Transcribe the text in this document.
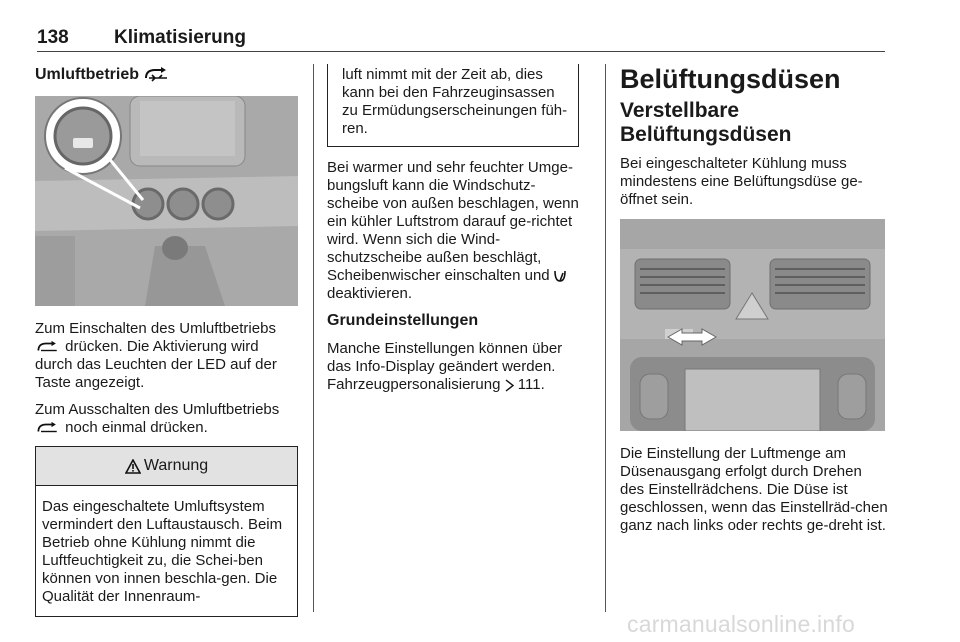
138 Klimatisierung
Umluftbetrieb

Zum Einschalten des Umluftbetriebs  drücken. Die Aktivierung wird durch das Leuchten der LED auf der Taste angezeigt.

Zum Ausschalten des Umluftbetriebs  noch einmal drücken.

Warnung

Das eingeschaltete Umluftsystem vermindert den Luftaustausch. Beim Betrieb ohne Kühlung nimmt die Luftfeuchtigkeit zu, die Schei-ben können von innen beschla-gen. Die Qualität der Innenraum-

luft nimmt mit der Zeit ab, dies kann bei den Fahrzeuginsassen zu Ermüdungserscheinungen füh-ren.

Bei warmer und sehr feuchter Umge-bungsluft kann die Windschutz-scheibe von außen beschlagen, wenn ein kühler Luftstrom darauf ge-richtet wird. Wenn sich die Wind-schutzscheibe außen beschlägt, Scheibenwischer einschalten und  deaktivieren.

Grundeinstellungen

Manche Einstellungen können über das Info-Display geändert werden. Fahrzeugpersonalisierung  111.

Belüftungsdüsen
Verstellbare Belüftungsdüsen

Bei eingeschalteter Kühlung muss mindestens eine Belüftungsdüse ge-öffnet sein.

Die Einstellung der Luftmenge am Düsenausgang erfolgt durch Drehen des Einstellrädchens. Die Düse ist geschlossen, wenn das Einstellräd-chen ganz nach links oder rechts ge-dreht ist.

carmanualsonline.info
